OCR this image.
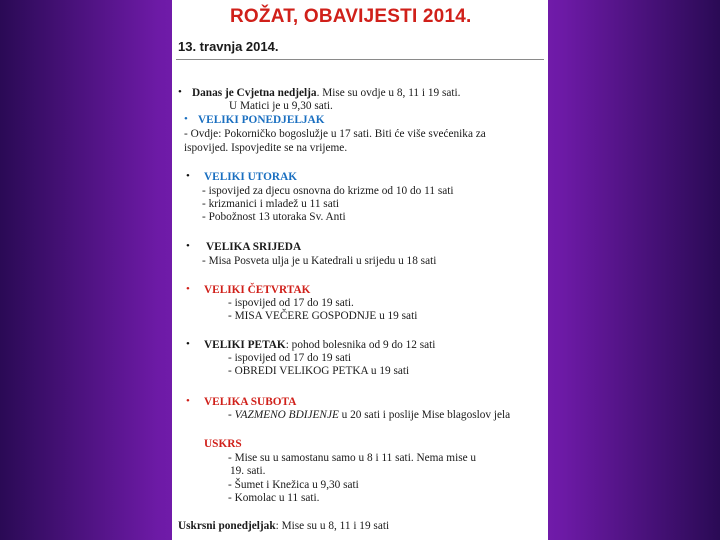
ROŽAT, OBAVIJESTI 2014.
13. travnja 2014.
• Danas je Cvjetna nedjelja. Mise su ovdje u 8, 11 i 19 sati.
U Matici je u 9,30 sati.
• VELIKI PONEDJELJAK
- Ovdje: Pokorničko bogoslužje u 17 sati. Biti će više svećenika za
ispovijed. Ispovjedite se na vrijeme.
• VELIKI UTORAK
- ispovijed za djecu osnovna do krizme od 10 do 11 sati
- krizmanici i mladež u 11 sati
- Pobožnost 13 utoraka Sv. Anti
• VELIKA SRIJEDA
- Misa Posveta ulja je u Katedrali u srijedu u 18 sati
• VELIKI ČETVRTAK
- ispovijed od 17 do 19 sati.
- MISA VEČERE GOSPODNJE u 19 sati
• VELIKI PETAK: pohod bolesnika od 9 do 12 sati
- ispovijed od 17 do 19 sati
- OBREDI VELIKOG PETKA u 19 sati
• VELIKA SUBOTA
- VAZMENO BDIJENJE u 20 sati i poslije Mise blagoslov jela
USKRS
- Mise su u samostanu samo u 8 i 11 sati. Nema mise u
19. sati.
- Šumet i Knežica u 9,30 sati
- Komolac u 11 sati.
Uskrsni ponedjeljak: Mise su u 8, 11 i 19 sati
